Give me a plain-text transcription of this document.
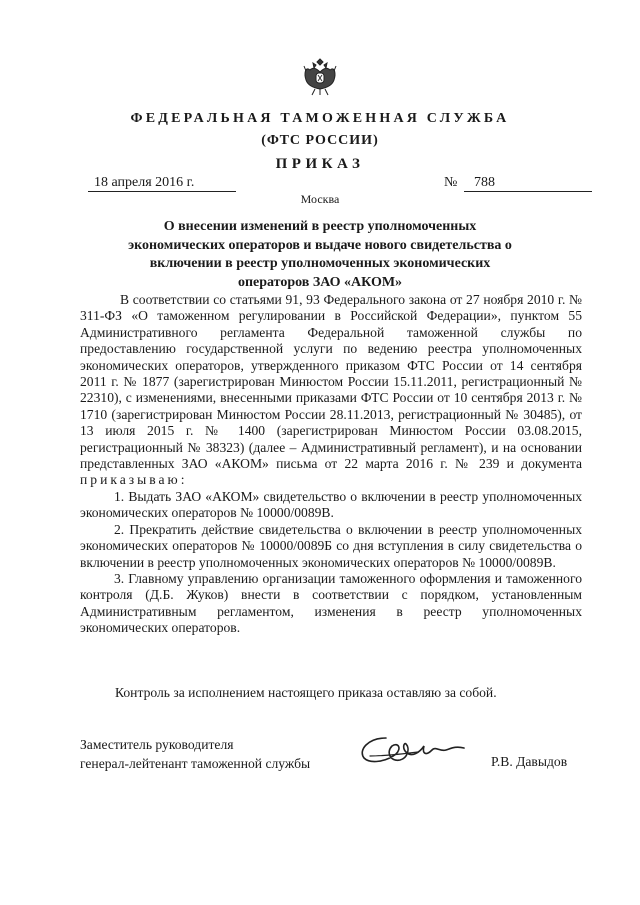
ФЕДЕРАЛЬНАЯ ТАМОЖЕННАЯ СЛУЖБА
(ФТС РОССИИ)
ПРИКАЗ
18 апреля 2016 г.	№	788
Москва
О внесении изменений в реестр уполномоченных экономических операторов и выдаче нового свидетельства о включении в реестр уполномоченных экономических операторов ЗАО «АКОМ»

В соответствии со статьями 91, 93 Федерального закона от 27 ноября 2010 г. № 311-ФЗ «О таможенном регулировании в Российской Федерации», пунктом 55 Административного регламента Федеральной таможенной службы по предоставлению государственной услуги по ведению реестра уполномоченных экономических операторов, утвержденного приказом ФТС России от 14 сентября 2011 г. № 1877 (зарегистрирован Минюстом России 15.11.2011, регистрационный № 22310), с изменениями, внесенными приказами ФТС России от 10 сентября 2013 г. № 1710 (зарегистрирован Минюстом России 28.11.2013, регистрационный № 30485), от 13 июля 2015 г. № 1400 (зарегистрирован Минюстом России 03.08.2015, регистрационный № 38323) (далее – Административный регламент), и на основании представленных ЗАО «АКОМ» письма от 22 марта 2016 г. № 239 и документа приказываю:

1. Выдать ЗАО «АКОМ» свидетельство о включении в реестр уполномоченных экономических операторов № 10000/0089В.

2. Прекратить действие свидетельства о включении в реестр уполномоченных экономических операторов № 10000/0089Б со дня вступления в силу свидетельства о включении в реестр уполномоченных экономических операторов № 10000/0089В.

3. Главному управлению организации таможенного оформления и таможенного контроля (Д.Б. Жуков) внести в соответствии с порядком, установленным Административным регламентом, изменения в реестр уполномоченных экономических операторов.

Контроль за исполнением настоящего приказа оставляю за собой.
Заместитель руководителя
генерал-лейтенант таможенной службы	Р.В. Давыдов
